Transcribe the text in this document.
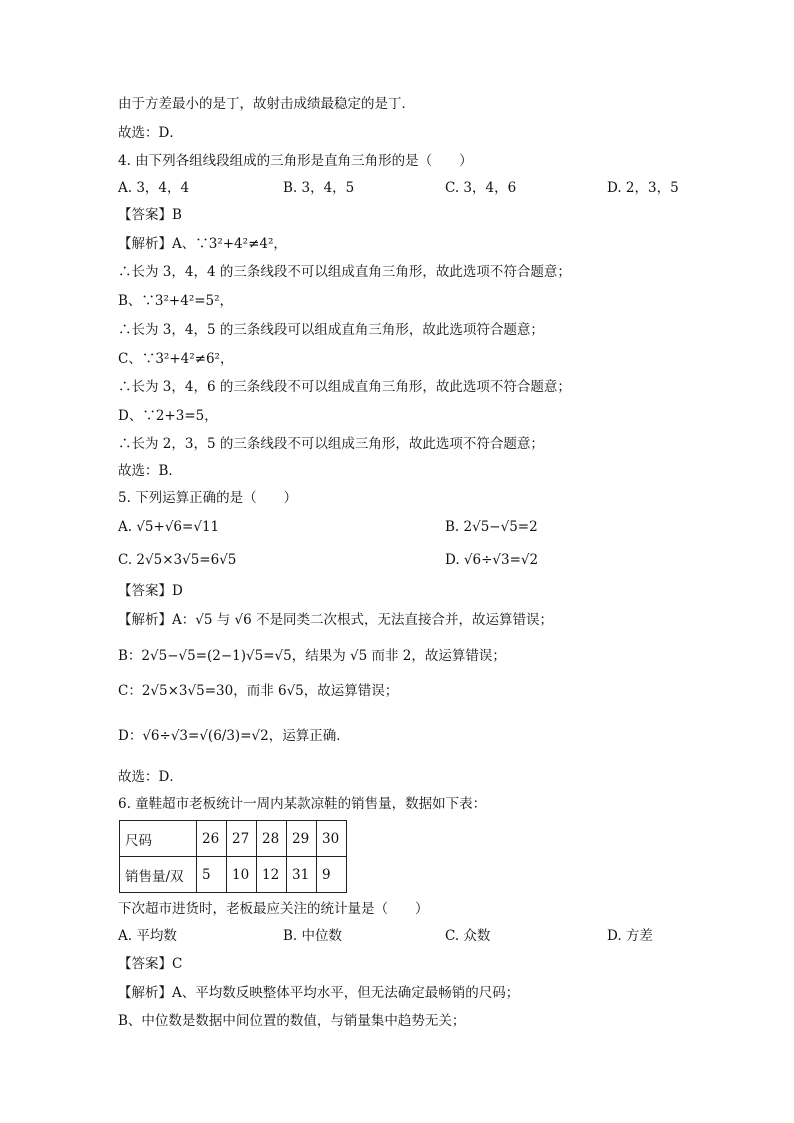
由于方差最小的是丁，故射击成绩最稳定的是丁．
故选：D．
4. 由下列各组线段组成的三角形是直角三角形的是（　　）
【答案】B
【解析】A、∵3²+4²≠4²，
∴长为 3，4，4 的三条线段不可以组成直角三角形，故此选项不符合题意；
B、∵3²+4²=5²，
∴长为 3，4，5 的三条线段可以组成直角三角形，故此选项符合题意；
C、∵3²+4²≠6²，
∴长为 3，4，6 的三条线段不可以组成直角三角形，故此选项不符合题意；
D、∵2+3=5，
∴长为 2，3，5 的三条线段不可以组成三角形，故此选项不符合题意；
故选：B．
5. 下列运算正确的是（　　）
【答案】D
【解析】A：√5 与 √6 不是同类二次根式，无法直接合并，故运算错误；
B：2√5−√5=(2−1)√5=√5，结果为 √5 而非 2，故运算错误；
C：2√5×3√5=30，而非 6√5，故运算错误；
D：√6÷√3=√(6/3)=√2，运算正确．
故选：D．
6. 童鞋超市老板统计一周内某款凉鞋的销售量，数据如下表：
下次超市进货时，老板最应关注的统计量是（　　）
【答案】C
【解析】A、平均数反映整体平均水平，但无法确定最畅销的尺码；
B、中位数是数据中间位置的数值，与销量集中趋势无关；
A. 3，4，4	B. 3，4，5	C. 3，4，6	D. 2，3，5
A. √5+√6=√11	B. 2√5−√5=2
C. 2√5×3√5=6√5	D. √6÷√3=√2
A. 平均数	B. 中位数	C. 众数	D. 方差
尺码	26	27	28	29	30
销售量/双	5	10	12	31	9
